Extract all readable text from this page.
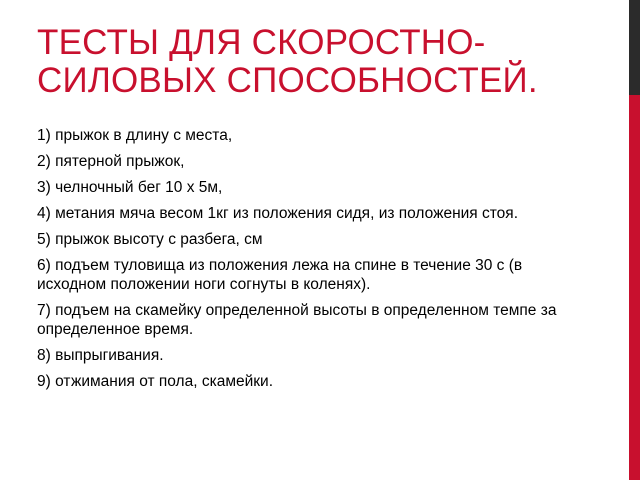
ТЕСТЫ ДЛЯ СКОРОСТНО-
СИЛОВЫХ СПОСОБНОСТЕЙ.
1) прыжок в длину с места,
2) пятерной прыжок,
3) челночный бег 10 х 5м,
4) метания мяча весом 1кг из положения сидя, из положения стоя.
5) прыжок высоту с разбега, см
6) подъем туловища из положения лежа на спине в течение 30 с (в исходном положении ноги согнуты в коленях).
7) подъем на скамейку определенной высоты в определенном темпе за определенное время.
8) выпрыгивания.
9) отжимания от пола, скамейки.
